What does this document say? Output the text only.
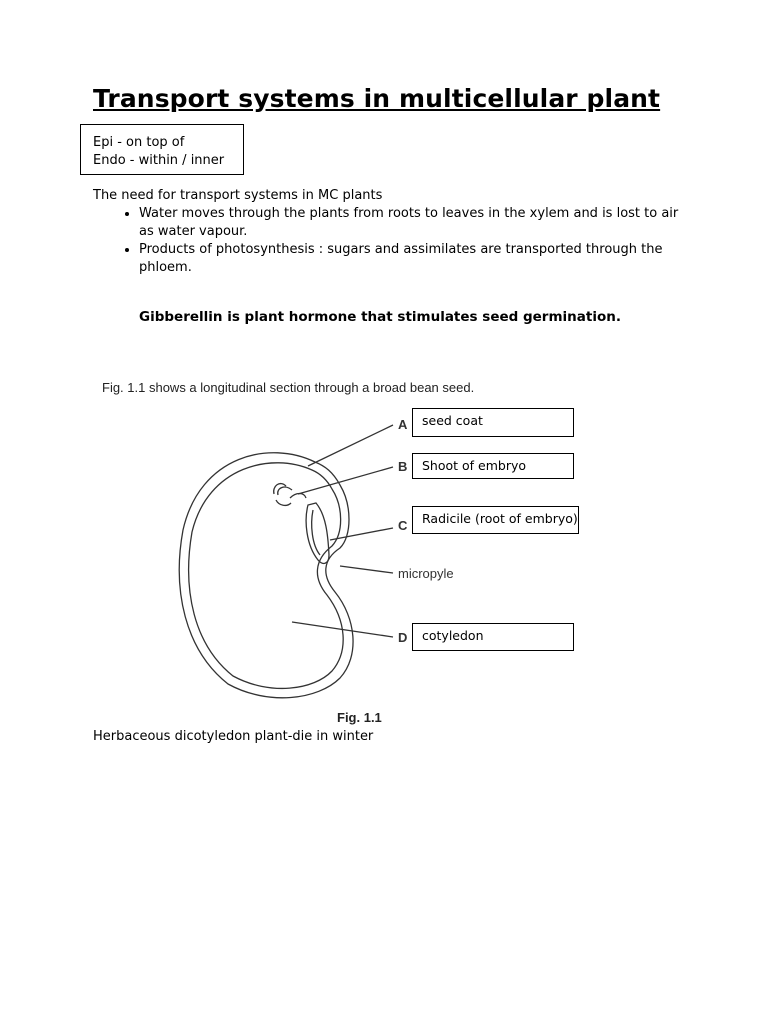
Transport systems in multicellular plant
Epi - on top of
Endo - within / inner
The need for transport systems in MC plants
• Water moves through the plants from roots to leaves in the xylem and is lost to air as water vapour.
• Products of photosynthesis : sugars and assimilates are transported through the phloem.
Gibberellin is plant hormone that stimulates seed germination.
Fig. 1.1 shows a longitudinal section through a broad bean seed.
A
B
C
micropyle
D
seed coat
Shoot of embryo
Radicile (root of embryo)
cotyledon
Fig. 1.1
Herbaceous dicotyledon plant-die in winter
